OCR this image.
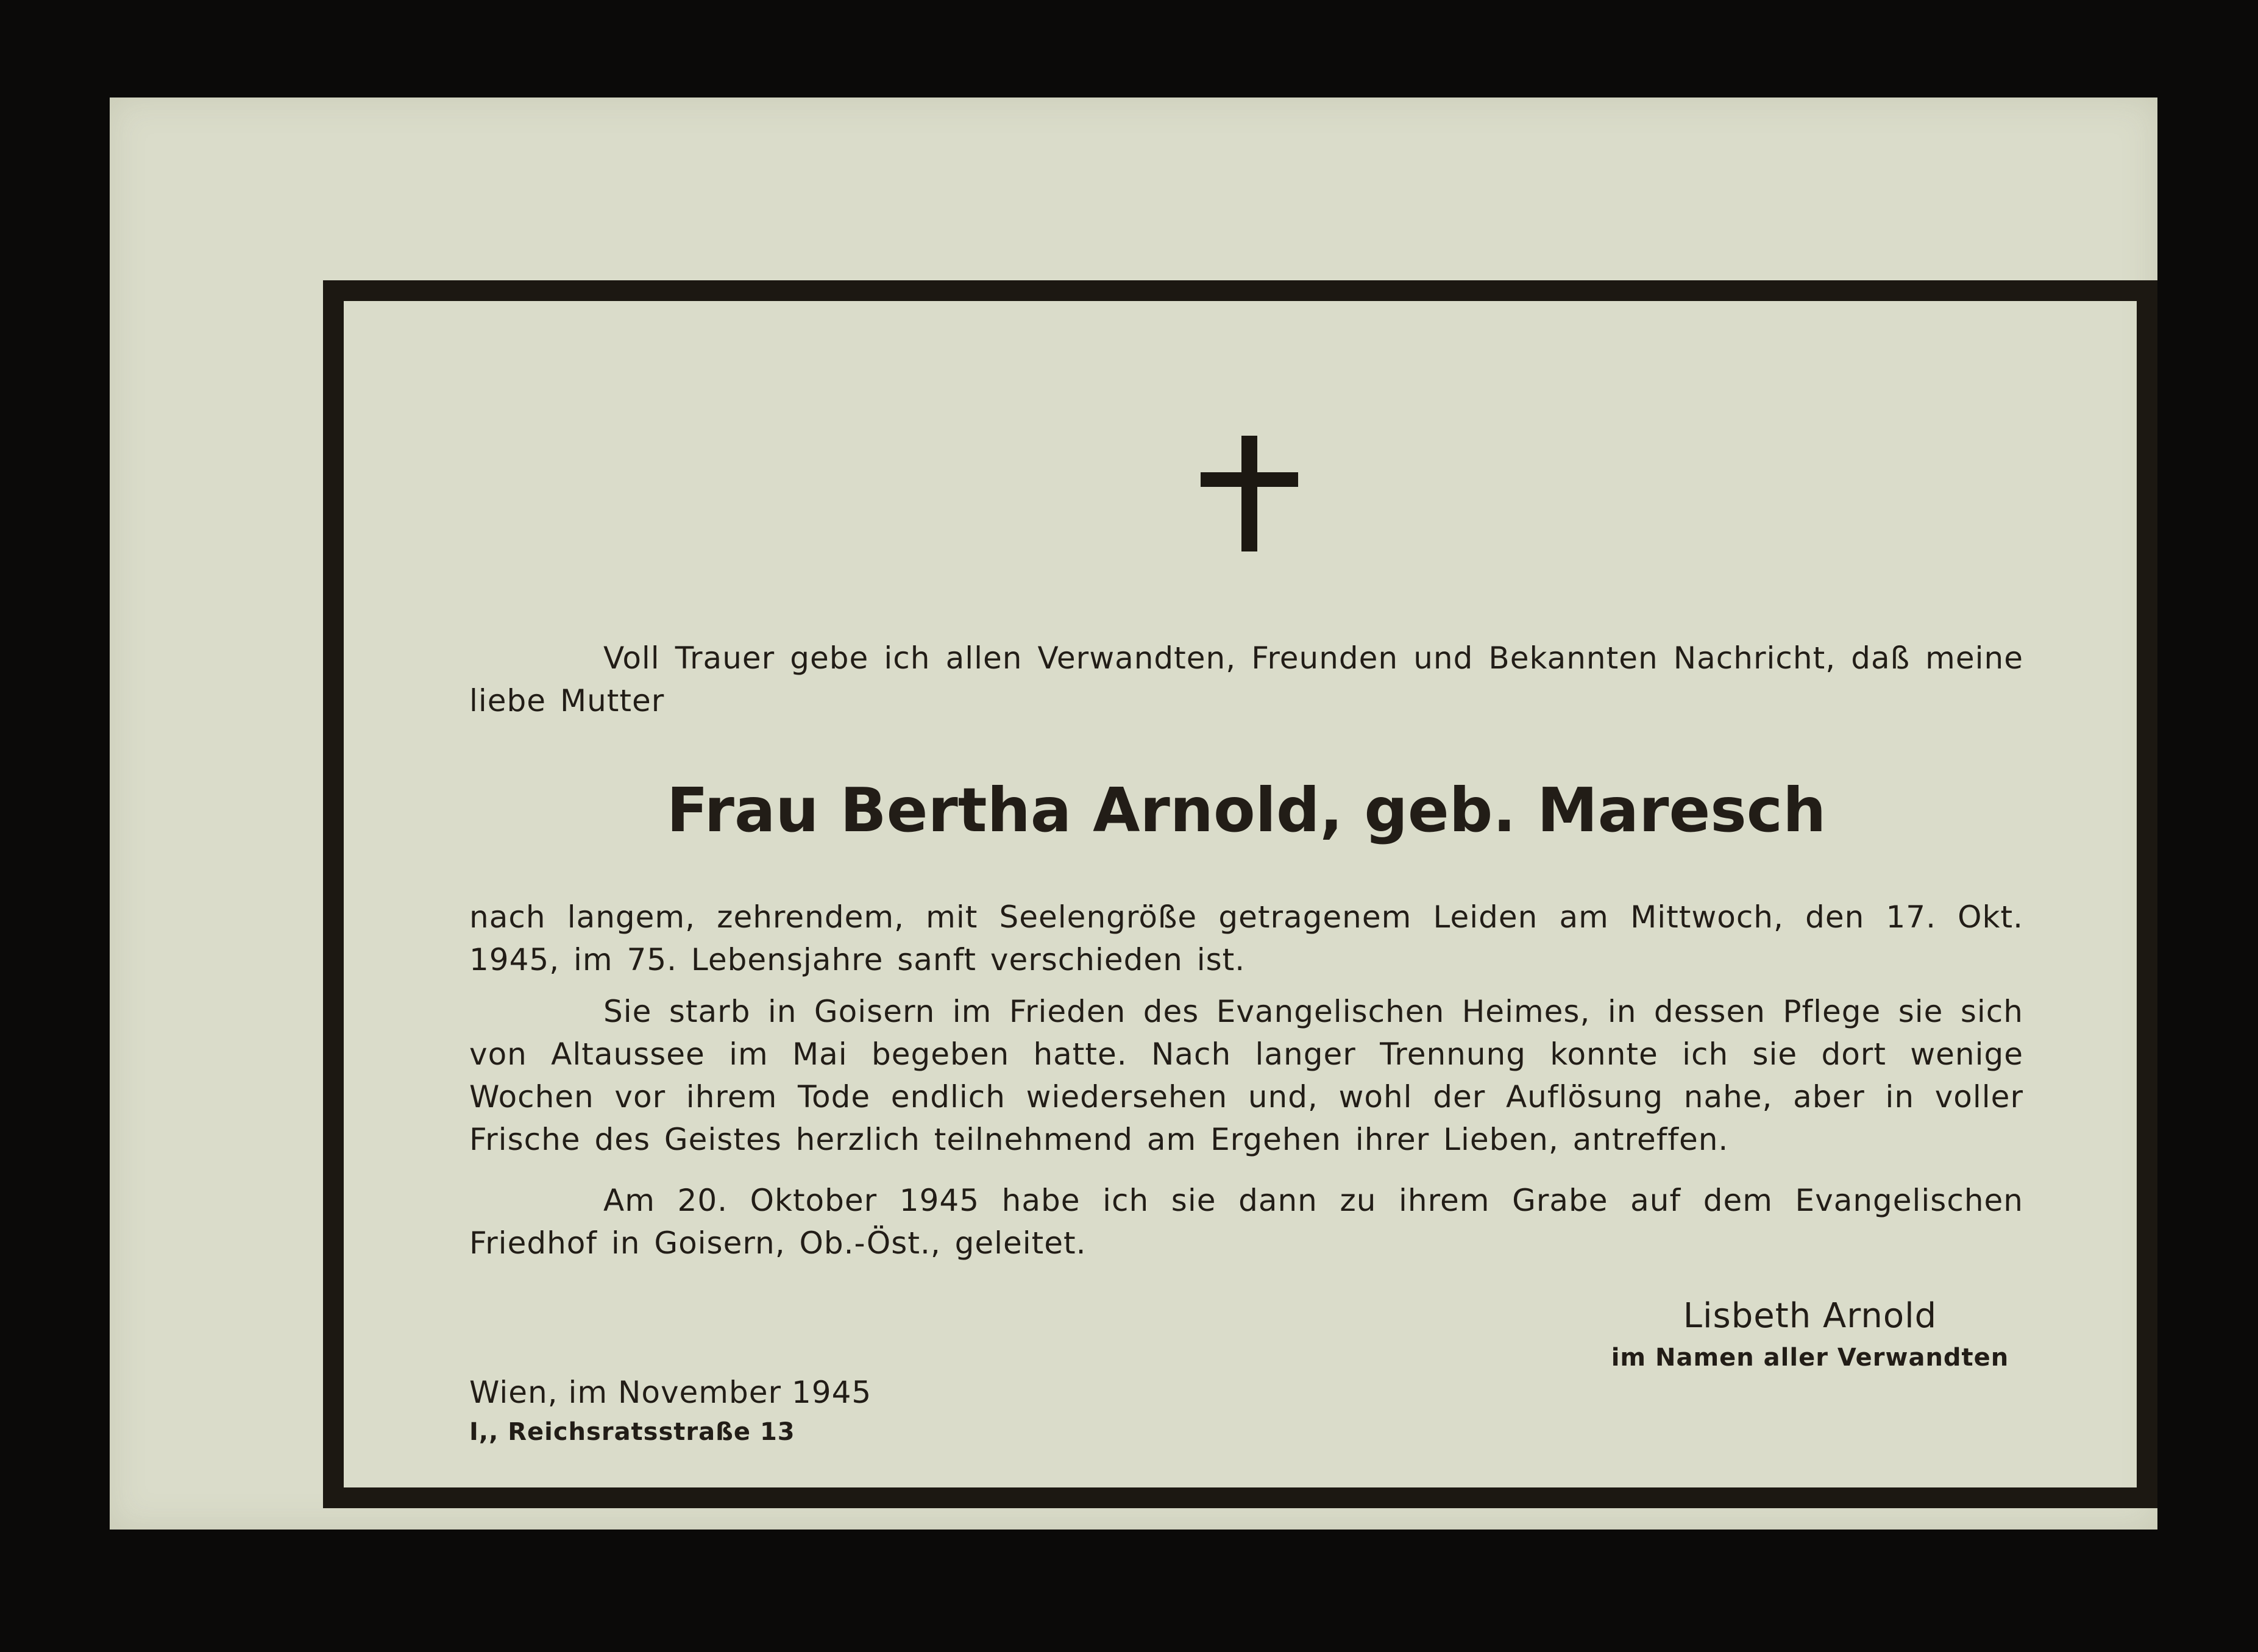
Voll Trauer gebe ich allen Verwandten, Freunden und Bekannten Nachricht, daß meine liebe Mutter
Frau Bertha Arnold, geb. Maresch
nach langem, zehrendem, mit Seelengröße getragenem Leiden am Mittwoch, den 17. Okt. 1945, im 75. Lebensjahre sanft verschieden ist.
Sie starb in Goisern im Frieden des Evangelischen Heimes, in dessen Pflege sie sich von Altaussee im Mai begeben hatte. Nach langer Trennung konnte ich sie dort wenige Wochen vor ihrem Tode endlich wiedersehen und, wohl der Auflösung nahe, aber in voller Frische des Geistes herzlich teilnehmend am Ergehen ihrer Lieben, antreffen.
Am 20. Oktober 1945 habe ich sie dann zu ihrem Grabe auf dem Evangelischen Friedhof in Goisern, Ob.-Öst., geleitet.
Lisbeth Arnold
im Namen aller Verwandten
Wien, im November 1945
I,, Reichsratsstraße 13
